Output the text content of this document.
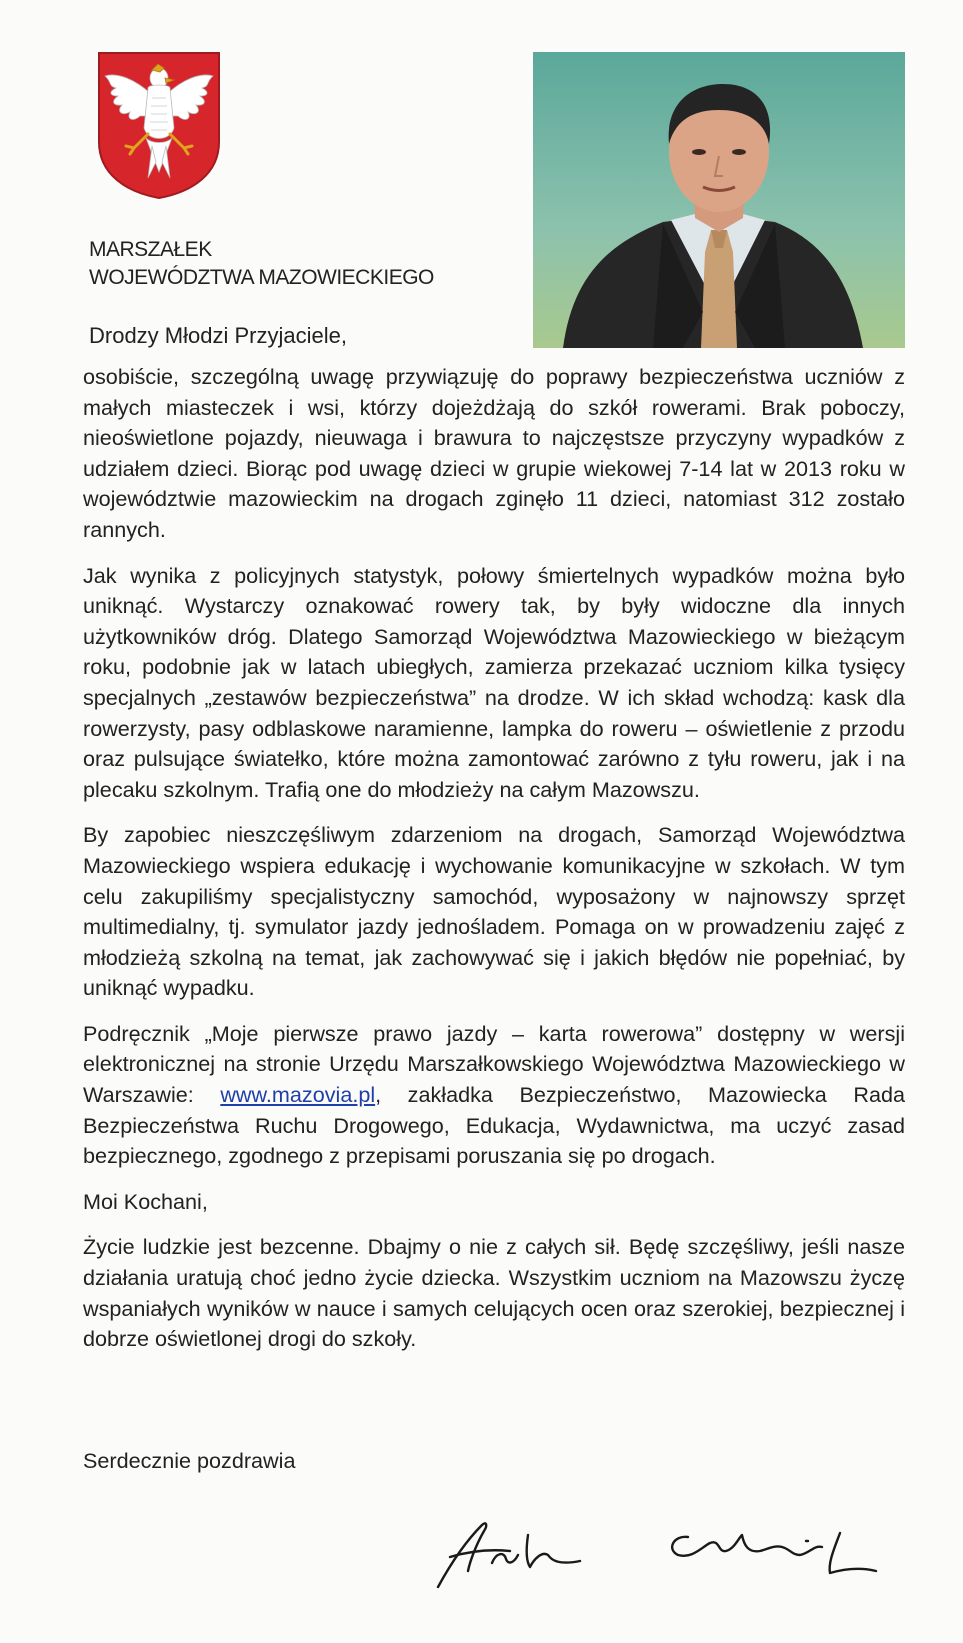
MARSZAŁEK
WOJEWÓDZTWA MAZOWIECKIEGO
Drodzy Młodzi Przyjaciele,

osobiście, szczególną uwagę przywiązuję do poprawy bezpieczeństwa uczniów z małych miasteczek i wsi, którzy dojeżdżają do szkół rowerami. Brak poboczy, nieoświetlone pojazdy, nieuwaga i brawura to najczęstsze przyczyny wypadków z udziałem dzieci. Biorąc pod uwagę dzieci w grupie wiekowej 7-14 lat w 2013 roku w województwie mazowieckim na drogach zginęło 11 dzieci, natomiast 312 zostało rannych.

Jak wynika z policyjnych statystyk, połowy śmiertelnych wypadków można było uniknąć. Wystarczy oznakować rowery tak, by były widoczne dla innych użytkowników dróg. Dlatego Samorząd Województwa Mazowieckiego w bieżącym roku, podobnie jak w latach ubiegłych, zamierza przekazać uczniom kilka tysięcy specjalnych „zestawów bezpieczeństwa” na drodze. W ich skład wchodzą: kask dla rowerzysty, pasy odblaskowe naramienne, lampka do roweru – oświetlenie z przodu oraz pulsujące światełko, które można zamontować zarówno z tyłu roweru, jak i na plecaku szkolnym. Trafią one do młodzieży na całym Mazowszu.

By zapobiec nieszczęśliwym zdarzeniom na drogach, Samorząd Województwa Mazowieckiego wspiera edukację i wychowanie komunikacyjne w szkołach. W tym celu zakupiliśmy specjalistyczny samochód, wyposażony w najnowszy sprzęt multimedialny, tj. symulator jazdy jednośladem. Pomaga on w prowadzeniu zajęć z młodzieżą szkolną na temat, jak zachowywać się i jakich błędów nie popełniać, by uniknąć wypadku.

Podręcznik „Moje pierwsze prawo jazdy – karta rowerowa” dostępny w wersji elektronicznej na stronie Urzędu Marszałkowskiego Województwa Mazowieckiego w Warszawie: www.mazovia.pl, zakładka Bezpieczeństwo, Mazowiecka Rada Bezpieczeństwa Ruchu Drogowego, Edukacja, Wydawnictwa, ma uczyć zasad bezpiecznego, zgodnego z przepisami poruszania się po drogach.

Moi Kochani,

Życie ludzkie jest bezcenne. Dbajmy o nie z całych sił. Będę szczęśliwy, jeśli nasze działania uratują choć jedno życie dziecka. Wszystkim uczniom na Mazowszu życzę wspaniałych wyników w nauce i samych celujących ocen oraz szerokiej, bezpiecznej i dobrze oświetlonej drogi do szkoły.

Serdecznie pozdrawia
